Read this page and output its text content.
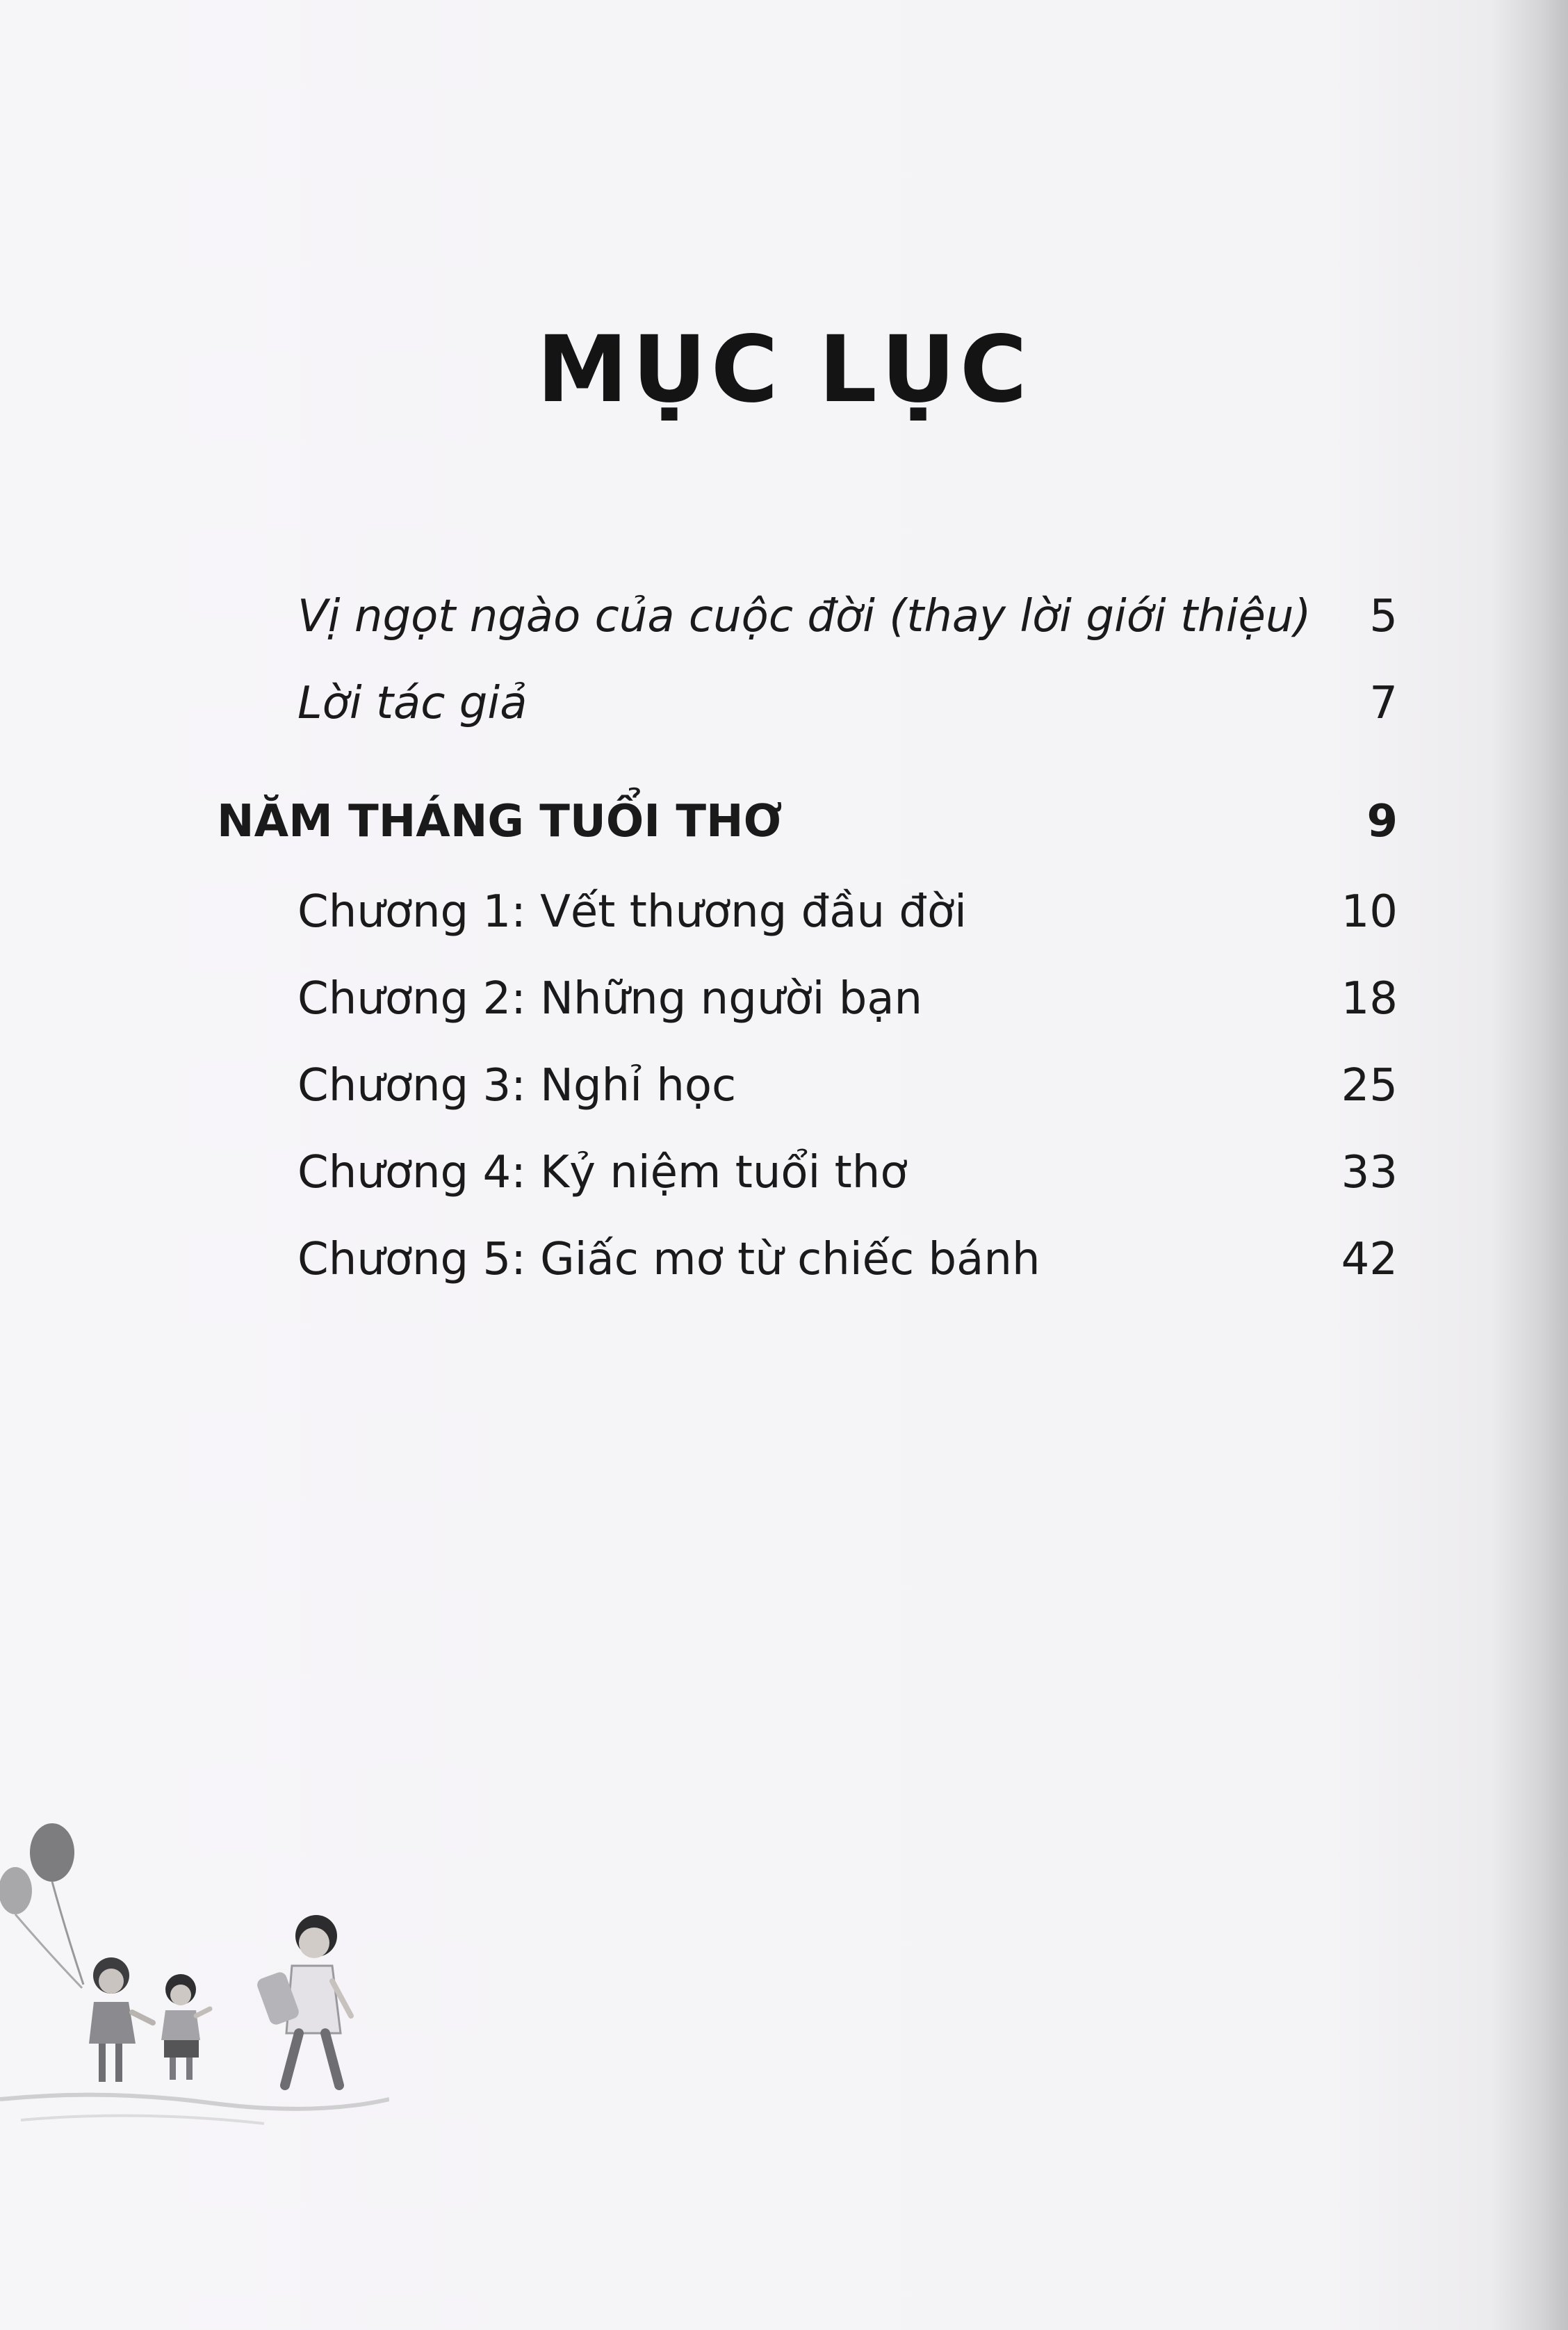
MỤC LỤC
Vị ngọt ngào của cuộc đời (thay lời giới thiệu) 5
Lời tác giả	7
NĂM THÁNG TUỔI THƠ	9
Chương 1: Vết thương đầu đời	10
Chương 2: Những người bạn	18
Chương 3: Nghỉ học	25
Chương 4: Kỷ niệm tuổi thơ	33
Chương 5: Giấc mơ từ chiếc bánh	42
